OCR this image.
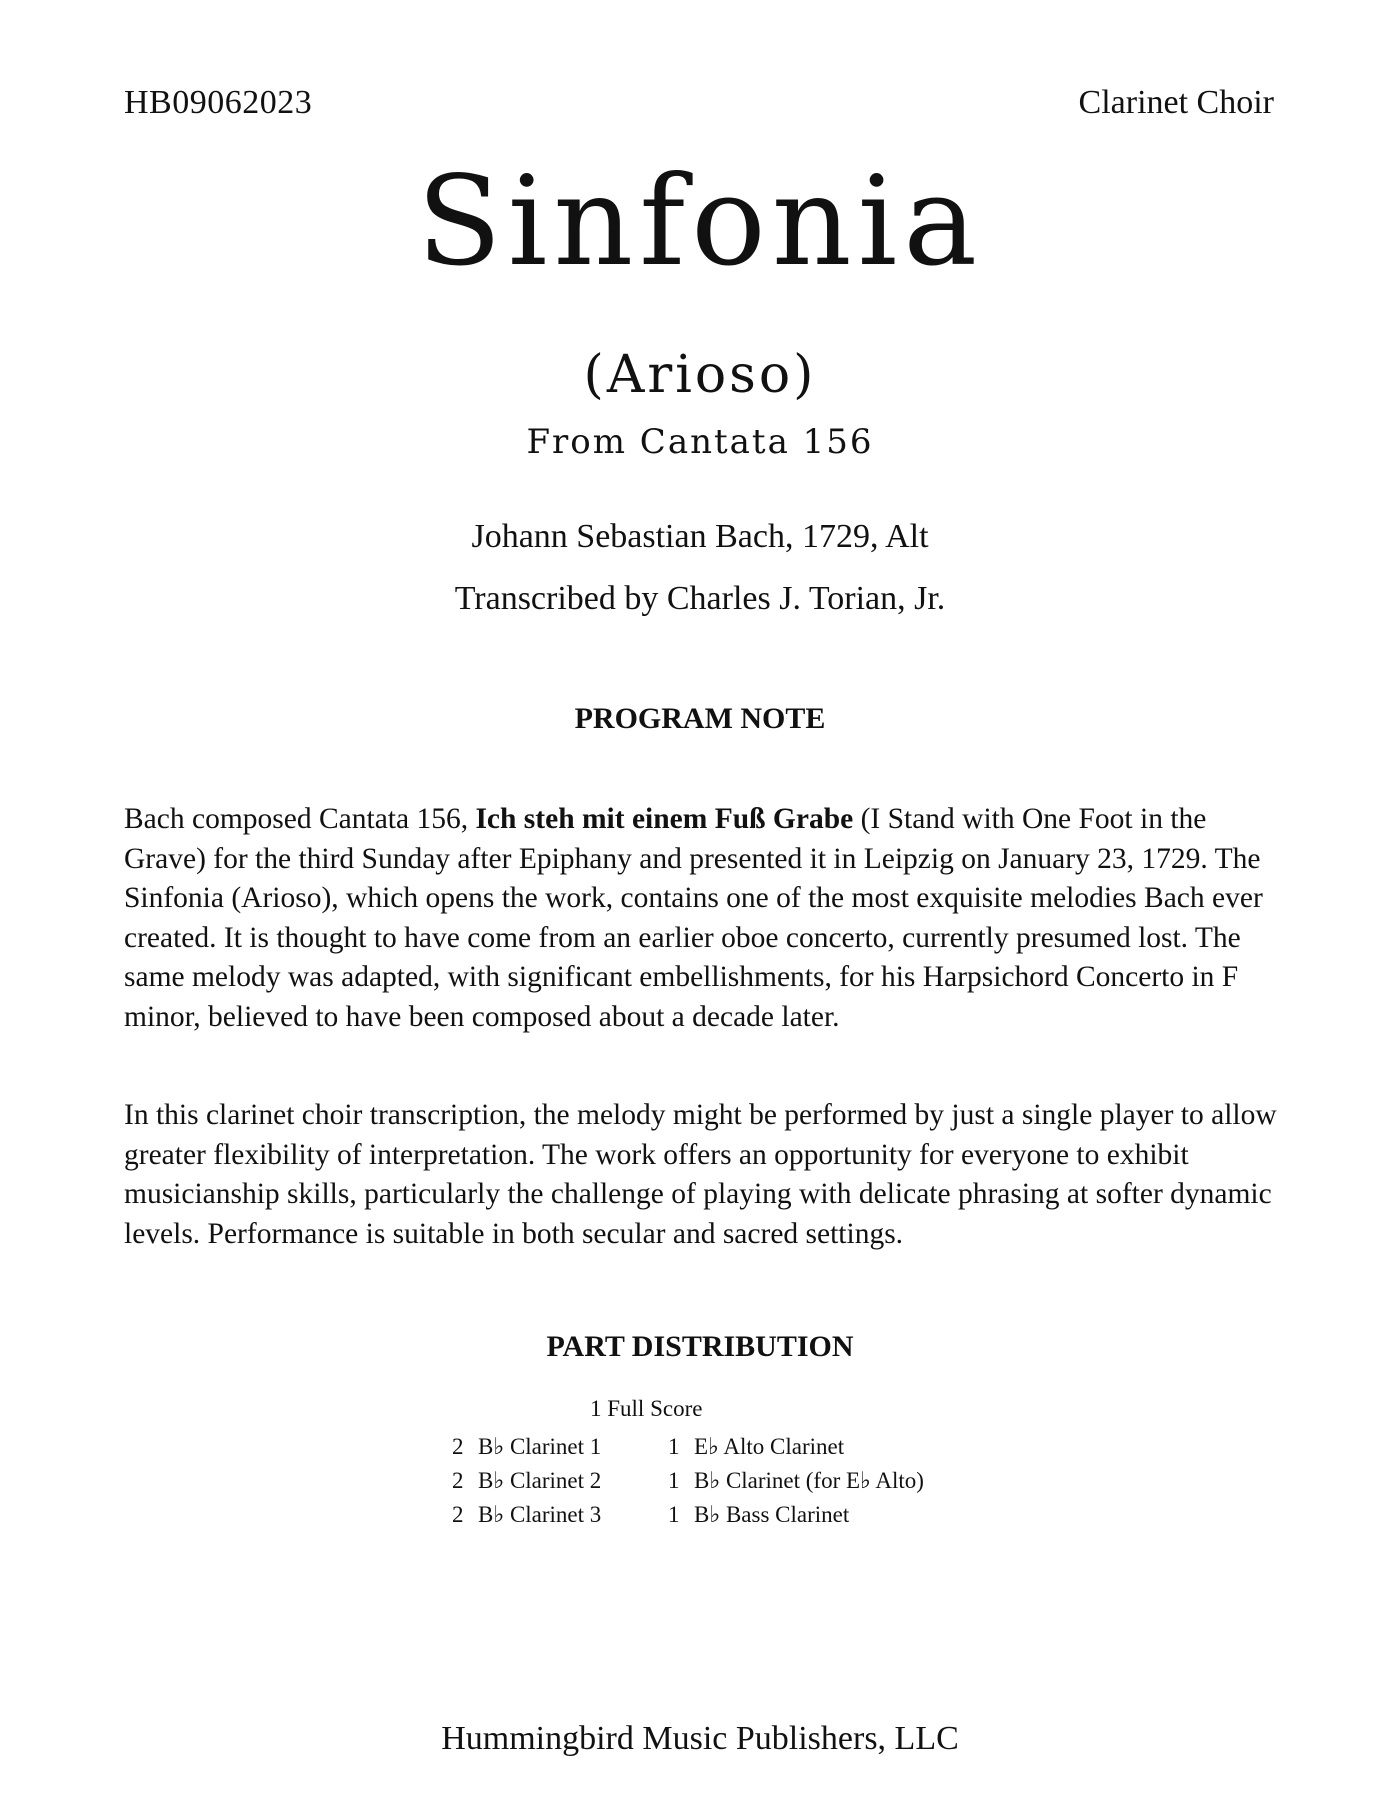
HB09062023	Clarinet Choir
Sinfonia
(Arioso)
From Cantata 156
Johann Sebastian Bach, 1729, Alt
Transcribed by Charles J. Torian, Jr.
PROGRAM NOTE

Bach composed Cantata 156, Ich steh mit einem Fuß Grabe (I Stand with One Foot in the Grave) for the third Sunday after Epiphany and presented it in Leipzig on January 23, 1729. The Sinfonia (Arioso), which opens the work, contains one of the most exquisite melodies Bach ever created. It is thought to have come from an earlier oboe concerto, currently presumed lost. The same melody was adapted, with significant embellishments, for his Harpsichord Concerto in F minor, believed to have been composed about a decade later.

In this clarinet choir transcription, the melody might be performed by just a single player to allow greater flexibility of interpretation. The work offers an opportunity for everyone to exhibit musicianship skills, particularly the challenge of playing with delicate phrasing at softer dynamic levels. Performance is suitable in both secular and sacred settings.

PART DISTRIBUTION
1 Full Score
2 B♭ Clarinet 1
2 B♭ Clarinet 2
2 B♭ Clarinet 3
1 E♭ Alto Clarinet
1 B♭ Clarinet (for E♭ Alto)
1 B♭ Bass Clarinet
Hummingbird Music Publishers, LLC
